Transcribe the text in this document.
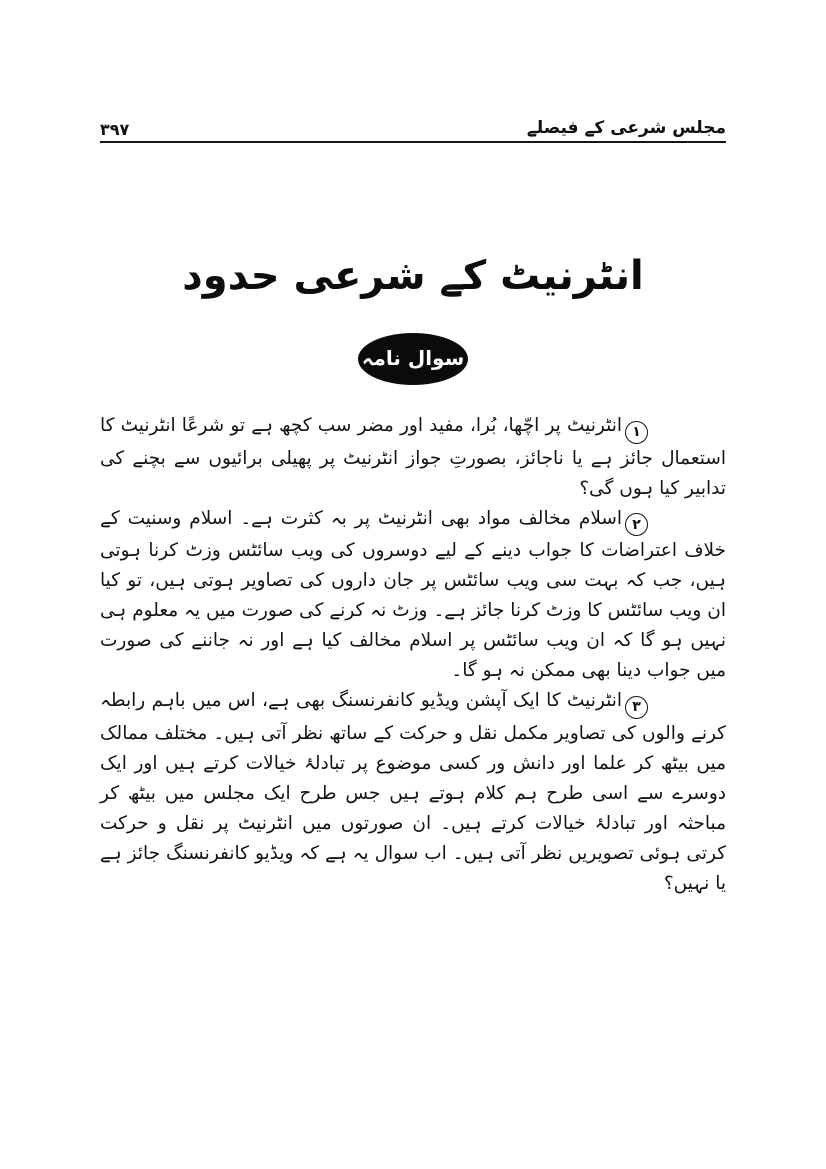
مجلس شرعی کے فیصلے
۳۹۷
انٹرنیٹ کے شرعی حدود
سوال نامہ

۱انٹرنیٹ پر اچّھا، بُرا، مفید اور مضر سب کچھ ہے تو شرعًا انٹرنیٹ کا استعمال جائز ہے یا ناجائز، بصورتِ جواز انٹرنیٹ پر پھیلی برائیوں سے بچنے کی تدابیر کیا ہوں گی؟

۲اسلام مخالف مواد بھی انٹرنیٹ پر بہ کثرت ہے۔ اسلام وسنیت کے خلاف اعتراضات کا جواب دینے کے لیے دوسروں کی ویب سائٹس وزٹ کرنا ہوتی ہیں، جب کہ بہت سی ویب سائٹس پر جان داروں کی تصاویر ہوتی ہیں، تو کیا ان ویب سائٹس کا وزٹ کرنا جائز ہے۔ وزٹ نہ کرنے کی صورت میں یہ معلوم ہی نہیں ہو گا کہ ان ویب سائٹس پر اسلام مخالف کیا ہے اور نہ جاننے کی صورت میں جواب دینا بھی ممکن نہ ہو گا۔

۳انٹرنیٹ کا ایک آپشن ویڈیو کانفرنسنگ بھی ہے، اس میں باہم رابطہ کرنے والوں کی تصاویر مکمل نقل و حرکت کے ساتھ نظر آتی ہیں۔ مختلف ممالک میں بیٹھ کر علما اور دانش ور کسی موضوع پر تبادلۂ خیالات کرتے ہیں اور ایک دوسرے سے اسی طرح ہم کلام ہوتے ہیں جس طرح ایک مجلس میں بیٹھ کر مباحثہ اور تبادلۂ خیالات کرتے ہیں۔ ان صورتوں میں انٹرنیٹ پر نقل و حرکت کرتی ہوئی تصویریں نظر آتی ہیں۔ اب سوال یہ ہے کہ ویڈیو کانفرنسنگ جائز ہے یا نہیں؟
